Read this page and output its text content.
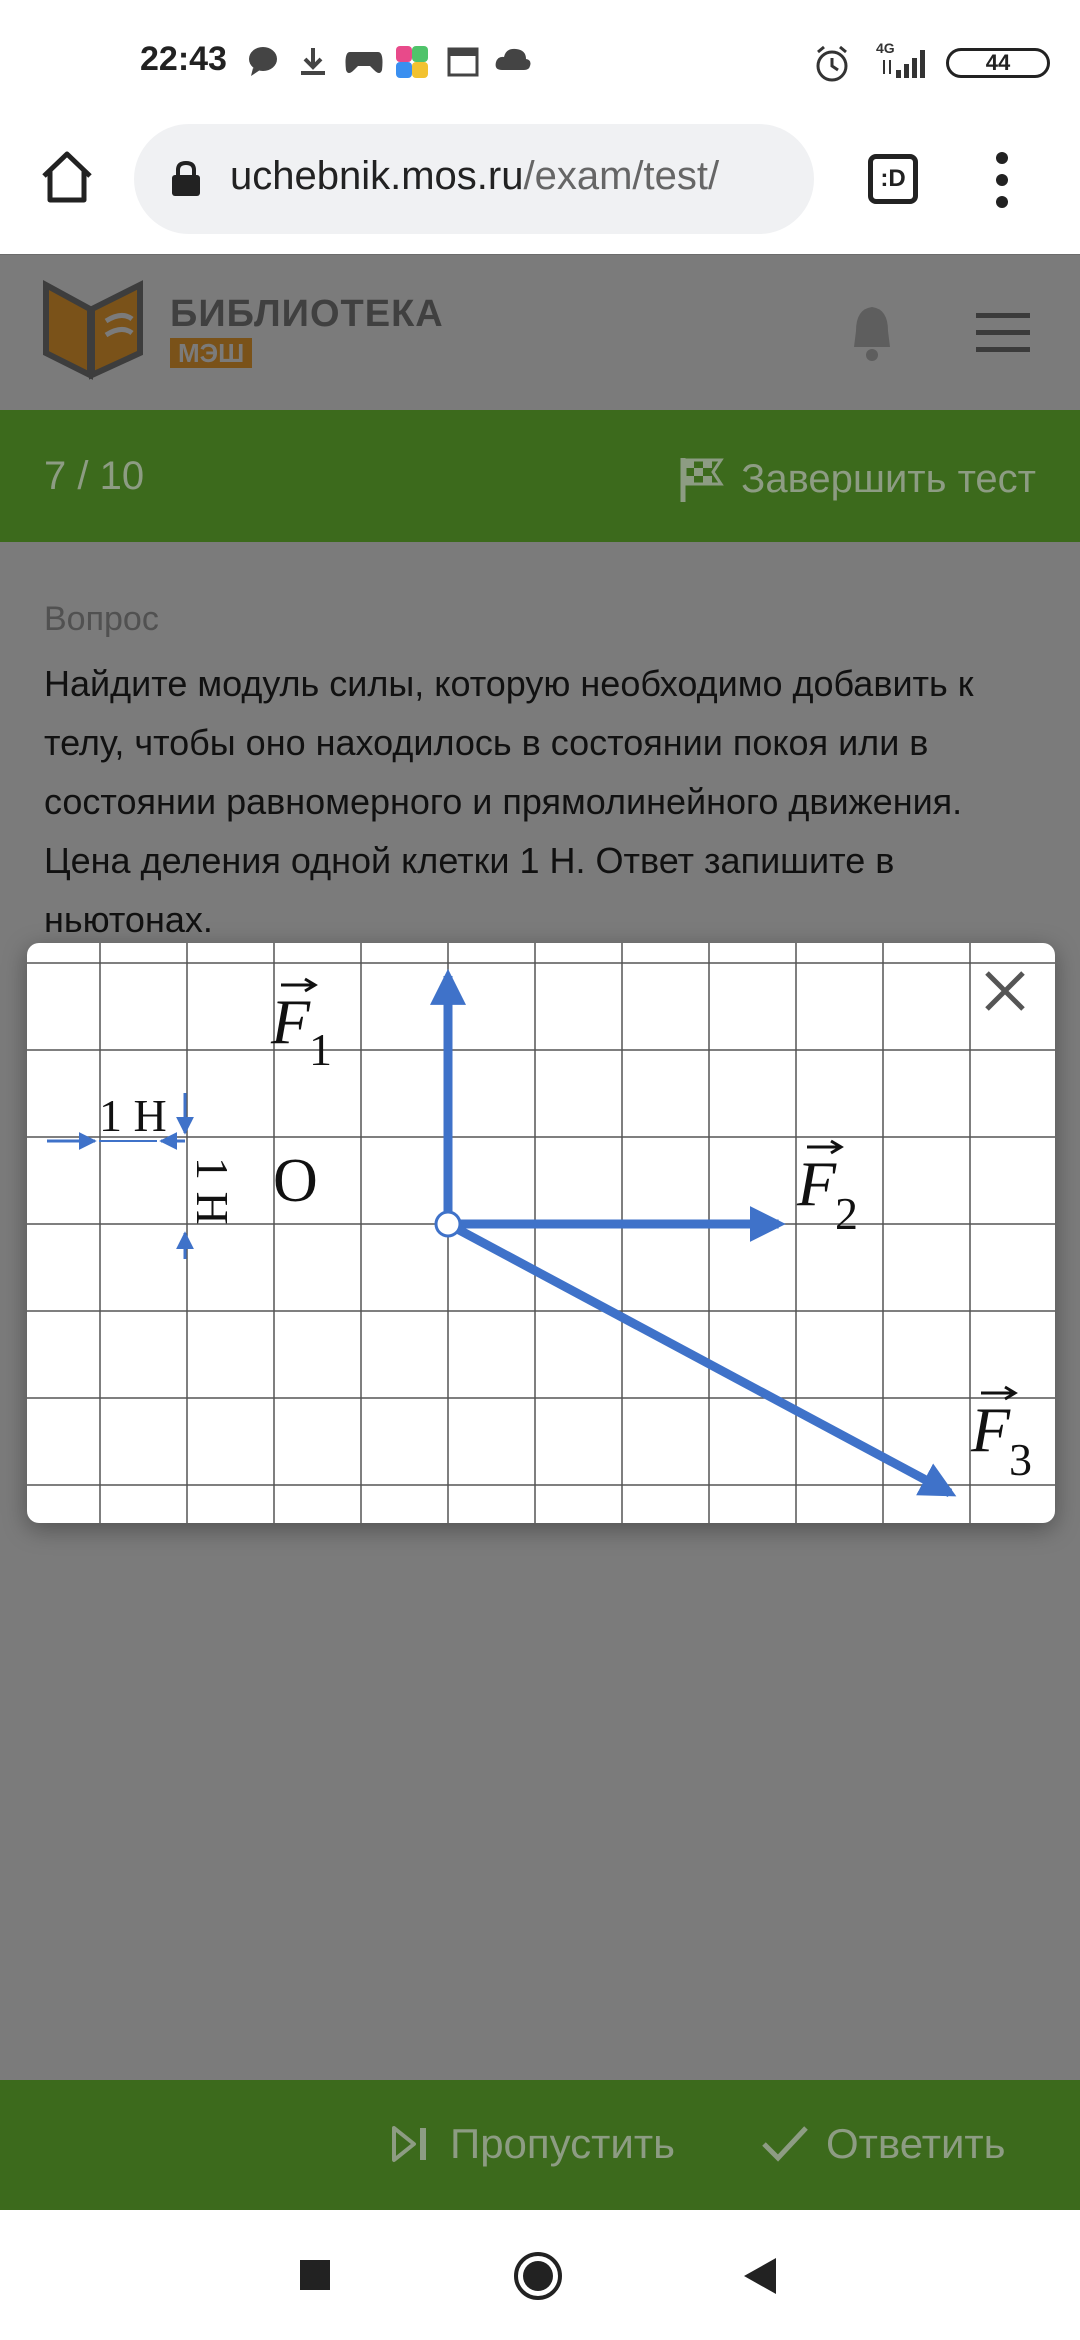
22:43	4G
44
uchebnik.mos.ru/exam/test/	:D
БИБЛИОТЕКА
МЭШ
7 / 10	Завершить тест
Вопрос
Найдите модуль силы, которую необходимо добавить к телу, чтобы оно находилось в состоянии покоя или в состоянии равномерного и прямолинейного движения. Цена деления одной клетки 1 Н. Ответ запишите в ньютонах.
1 Н
1 Н O
F
1
F
2
F
3
Пропустить	Ответить
